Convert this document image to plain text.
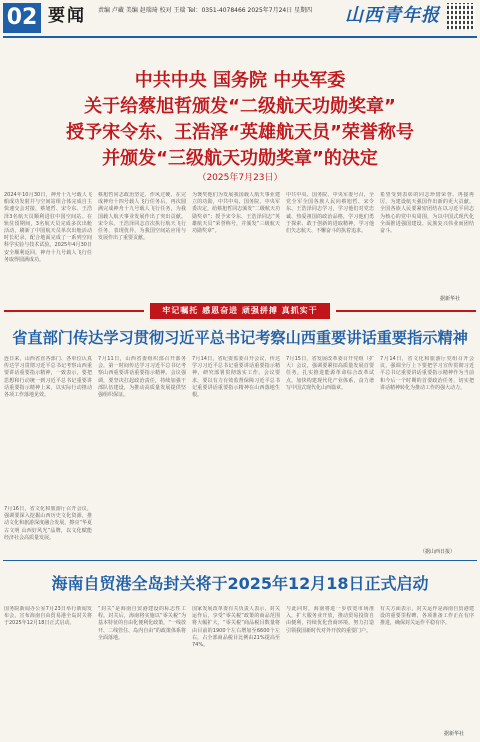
02 要闻 责编 卢藏 美编 赵瑞琦 校对 王瑞 Tel：0351-4078466 2025年7月24日 星期四 山西青年报
中共中央 国务院 中央军委
关于给蔡旭哲颁发“二级航天功勋奖章”
授予宋令东、王浩泽“英雄航天员”荣誉称号
并颁发“三级航天功勋奖章”的决定
（2025年7月23日）
2024年10月30日，神舟十九号载人飞船成功发射并与空间站组合体完成自主快速交会对接，蔡旭哲、宋令东、王浩泽3名航天员顺利进驻中国空间站。在轨驻留期间，3名航天员完成多次出舱活动，刷新了中国航天员单次出舱活动时长纪录，配合地面完成了一系列空间科学实验与技术试验。2025年4月30日安全顺利返回，神舟十九号载人飞行任务取得圆满成功。
蔡旭哲同志政治坚定、作风过硬，在完成神舟十四号载人飞行任务后，再次圆满完成神舟十九号载人飞行任务，为我国载人航天事业发展作出了突出贡献。宋令东、王浩泽同志首次执行航天飞行任务，表现优异，为我国空间站应用与发展作出了重要贡献。
为褒奖他们为发展我国载人航天事业建立的功勋，中共中央、国务院、中央军委决定，给蔡旭哲同志颁发“二级航天功勋奖章”；授予宋令东、王浩泽同志“英雄航天员”荣誉称号，并颁发“三级航天功勋奖章”。
中共中央、国务院、中央军委号召，全党全军全国各族人民向蔡旭哲、宋令东、王浩泽同志学习，学习他们对党忠诚、热爱祖国的政治品格，学习他们勇于探索、敢于创新的进取精神，学习他们矢志航天、不懈奋斗的执着追求。
希望受到表彰的同志珍惜荣誉、再接再厉，为建设航天强国作出新的更大贡献。全国各族人民要紧密团结在以习近平同志为核心的党中央周围，为以中国式现代化全面推进强国建设、民族复兴伟业而团结奋斗。
据新华社
牢记嘱托 感恩奋进 顽强拼搏 真抓实干
省直部门传达学习贯彻习近平总书记考察山西重要讲话重要指示精神
连日来，山西省直各部门、各单位认真传达学习贯彻习近平总书记考察山西重要讲话重要指示精神，一致表示，要把思想和行动统一到习近平总书记重要讲话重要指示精神上来，以实际行动推动各项工作落地见效。
7月11日，山西省委组织部召开部务会，第一时间传达学习习近平总书记考察山西重要讲话重要指示精神。会议强调，要坚决扛起政治责任，持续加强干部队伍建设，为推动高质量发展提供坚强组织保证。
7月14日，省纪委监委召开会议，传达学习习近平总书记重要讲话重要指示精神，研究部署贯彻落实工作。会议要求，要以有力有效监督保障习近平总书记重要讲话重要指示精神在山西落地生根。
7月15日，省发展改革委召开党组（扩大）会议，强调要紧扣高质量发展首要任务，扎实推进能源革命综合改革试点，加快构建现代化产业体系，奋力谱写中国式现代化山西篇章。
7月14日，省文化和旅游厅党组召开会议，强调全厅上下要把学习宣传贯彻习近平总书记重要讲话重要指示精神作为当前和今后一个时期的首要政治任务，切实把讲话精神转化为推动工作的强大动力。
7月16日，省文化和旅游厅召开会议，强调要深入挖掘山西历史文化资源，推动文化和旅游深度融合发展，擦亮“华夏古文明 山西好风光”品牌，以文化赋能经济社会高质量发展。
（据山西日报）
海南自贸港全岛封关将于2025年12月18日正式启动
国务院新闻办公室7月23日举行新闻发布会，宣布海南自由贸易港全岛封关将于2025年12月18日正式启动。
“封关”是海南自贸港建设的标志性工程。封关后，海南将实施以“零关税”为基本特征的自由化便利化政策，“一线放开、二线管住、岛内自由”的政策体系将全面落地。
国家发展改革委有关负责人表示，封关运作后，享受“零关税”政策的商品范围将大幅扩大，“零关税”商品税目数量将由目前的1900个左右增加至6600个左右，占全部商品税目比例由21%提高至74%。
与此同时，海南将进一步放宽市场准入，扩大服务业开放，推动贸易投资自由便利，持续优化营商环境，努力打造引领我国新时代对外开放的重要门户。
有关方面表示，封关运作是海南自贸港建设的重要里程碑，各项准备工作正在有序推进，确保封关运作平稳有序。
据新华社
